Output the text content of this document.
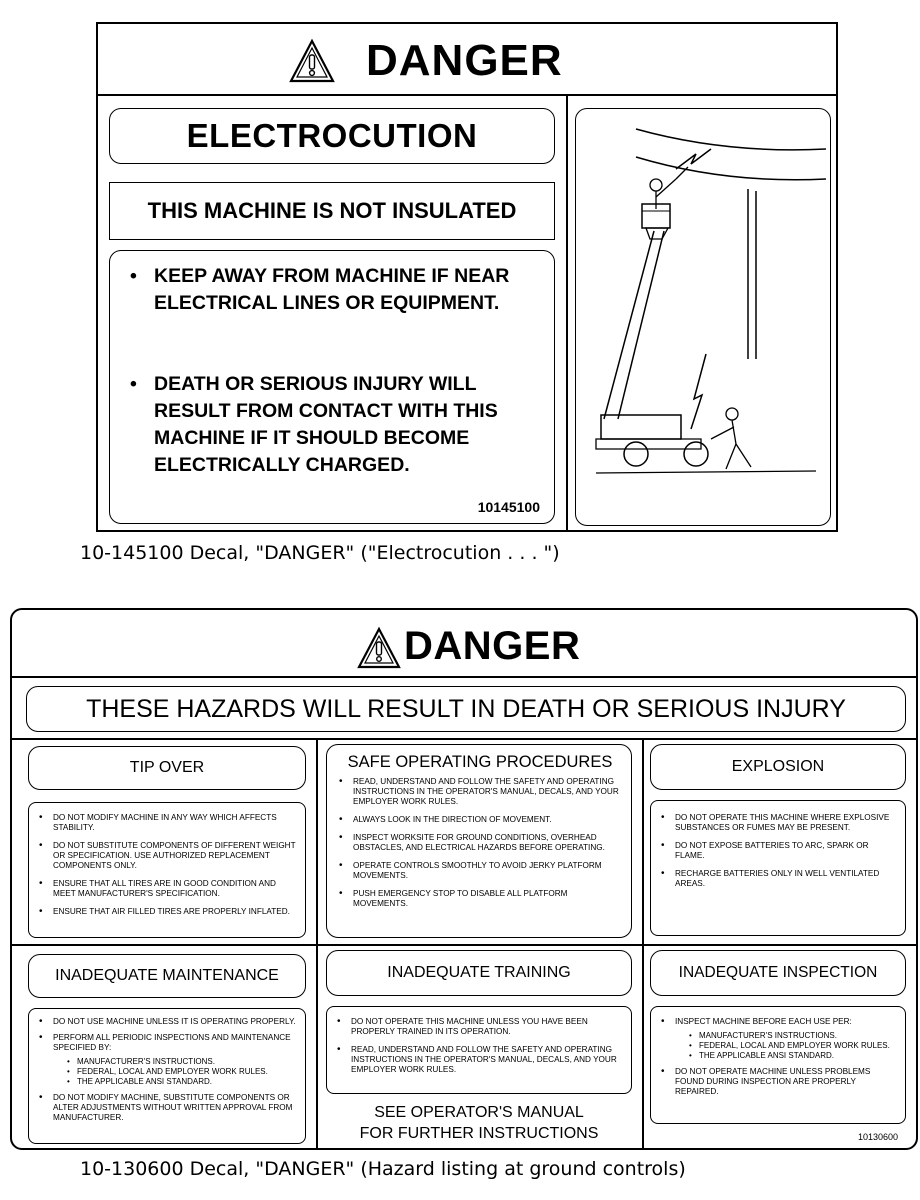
DANGER
ELECTROCUTION
THIS MACHINE IS NOT INSULATED
• KEEP AWAY FROM MACHINE IF NEAR ELECTRICAL LINES OR EQUIPMENT.
• DEATH OR SERIOUS INJURY WILL RESULT FROM CONTACT WITH THIS MACHINE IF IT SHOULD BECOME ELECTRICALLY CHARGED.
10145100
10-145100 Decal, "DANGER" ("Electrocution . . . ")
DANGER
THESE HAZARDS WILL RESULT IN DEATH OR SERIOUS INJURY
TIP OVER
• DO NOT MODIFY MACHINE IN ANY WAY WHICH AFFECTS STABILITY.
• DO NOT SUBSTITUTE COMPONENTS OF DIFFERENT WEIGHT OR SPECIFICATION. USE AUTHORIZED REPLACEMENT COMPONENTS ONLY.
• ENSURE THAT ALL TIRES ARE IN GOOD CONDITION AND MEET MANUFACTURER'S SPECIFICATION.
• ENSURE THAT AIR FILLED TIRES ARE PROPERLY INFLATED.
SAFE OPERATING PROCEDURES
• READ, UNDERSTAND AND FOLLOW THE SAFETY AND OPERATING INSTRUCTIONS IN THE OPERATOR'S MANUAL, DECALS, AND YOUR EMPLOYER WORK RULES.
• ALWAYS LOOK IN THE DIRECTION OF MOVEMENT.
• INSPECT WORKSITE FOR GROUND CONDITIONS, OVERHEAD OBSTACLES, AND ELECTRICAL HAZARDS BEFORE OPERATING.
• OPERATE CONTROLS SMOOTHLY TO AVOID JERKY PLATFORM MOVEMENTS.
• PUSH EMERGENCY STOP TO DISABLE ALL PLATFORM MOVEMENTS.
EXPLOSION
• DO NOT OPERATE THIS MACHINE WHERE EXPLOSIVE SUBSTANCES OR FUMES MAY BE PRESENT.
• DO NOT EXPOSE BATTERIES TO ARC, SPARK OR FLAME.
• RECHARGE BATTERIES ONLY IN WELL VENTILATED AREAS.
INADEQUATE MAINTENANCE
• DO NOT USE MACHINE UNLESS IT IS OPERATING PROPERLY.
• PERFORM ALL PERIODIC INSPECTIONS AND MAINTENANCE SPECIFIED BY:
• MANUFACTURER'S INSTRUCTIONS.
• FEDERAL, LOCAL AND EMPLOYER WORK RULES.
• THE APPLICABLE ANSI STANDARD.
• DO NOT MODIFY MACHINE, SUBSTITUTE COMPONENTS OR ALTER ADJUSTMENTS WITHOUT WRITTEN APPROVAL FROM MANUFACTURER.
INADEQUATE TRAINING
• DO NOT OPERATE THIS MACHINE UNLESS YOU HAVE BEEN PROPERLY TRAINED IN ITS OPERATION.
• READ, UNDERSTAND AND FOLLOW THE SAFETY AND OPERATING INSTRUCTIONS IN THE OPERATOR'S MANUAL, DECALS, AND YOUR EMPLOYER WORK RULES.
SEE OPERATOR'S MANUAL
FOR FURTHER INSTRUCTIONS
INADEQUATE INSPECTION
• INSPECT MACHINE BEFORE EACH USE PER:
• MANUFACTURER'S INSTRUCTIONS.
• FEDERAL, LOCAL AND EMPLOYER WORK RULES.
• THE APPLICABLE ANSI STANDARD.
• DO NOT OPERATE MACHINE UNLESS PROBLEMS FOUND DURING INSPECTION ARE PROPERLY REPAIRED.
10130600
10-130600 Decal, "DANGER" (Hazard listing at ground controls)
